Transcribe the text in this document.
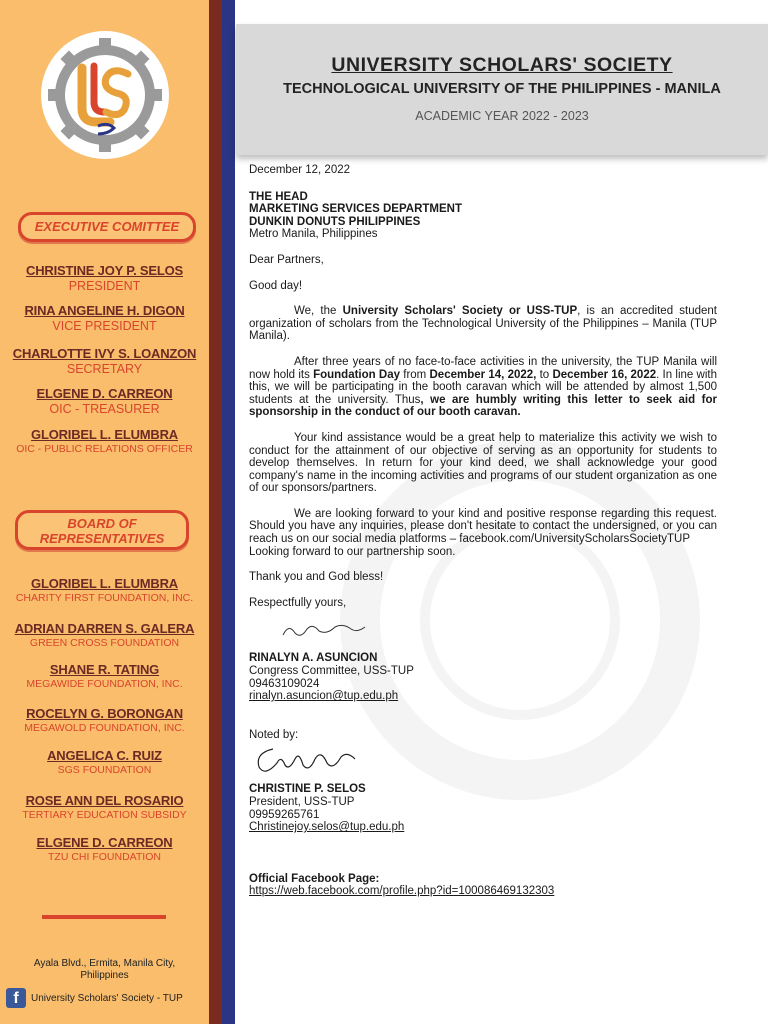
EXECUTIVE COMITTEE
CHRISTINE JOY P. SELOS
PRESIDENT
RINA ANGELINE H. DIGON
VICE PRESIDENT
CHARLOTTE IVY S. LOANZON
SECRETARY
ELGENE D. CARREON
OIC - TREASURER
GLORIBEL L. ELUMBRA
OIC - PUBLIC RELATIONS OFFICER
BOARD OF
REPRESENTATIVES
GLORIBEL L. ELUMBRA
CHARITY FIRST FOUNDATION, INC.
ADRIAN DARREN S. GALERA
GREEN CROSS FOUNDATION
SHANE R. TATING
MEGAWIDE FOUNDATION, INC.
ROCELYN G. BORONGAN
MEGAWOLD FOUNDATION, INC.
ANGELICA C. RUIZ
SGS FOUNDATION
ROSE ANN DEL ROSARIO
TERTIARY EDUCATION SUBSIDY
ELGENE D. CARREON
TZU CHI FOUNDATION
Ayala Blvd., Ermita, Manila City,
Philippines
f	University Scholars' Society - TUP
UNIVERSITY SCHOLARS' SOCIETY
TECHNOLOGICAL UNIVERSITY OF THE PHILIPPINES - MANILA
ACADEMIC YEAR 2022 - 2023

December 12, 2022

THE HEAD

MARKETING SERVICES DEPARTMENT

DUNKIN DONUTS PHILIPPINES

Metro Manila, Philippines

Dear Partners,

Good day!

We, the University Scholars' Society or USS-TUP, is an accredited student organization of scholars from the Technological University of the Philippines – Manila (TUP Manila).

After three years of no face-to-face activities in the university, the TUP Manila will now hold its Foundation Day from December 14, 2022, to December 16, 2022. In line with this, we will be participating in the booth caravan which will be attended by almost 1,500 students at the university. Thus, we are humbly writing this letter to seek aid for sponsorship in the conduct of our booth caravan.

Your kind assistance would be a great help to materialize this activity we wish to conduct for the attainment of our objective of serving as an opportunity for students to develop themselves. In return for your kind deed, we shall acknowledge your good company's name in the incoming activities and programs of our student organization as one of our sponsors/partners.

We are looking forward to your kind and positive response regarding this request. Should you have any inquiries, please don't hesitate to contact the undersigned, or you can reach us on our social media platforms – facebook.com/UniversityScholarsSocietyTUP

Looking forward to our partnership soon.

Thank you and God bless!

Respectfully yours,

RINALYN A. ASUNCION

Congress Committee, USS-TUP

09463109024

rinalyn.asuncion@tup.edu.ph

Noted by:

CHRISTINE P. SELOS

President, USS-TUP

09959265761

Christinejoy.selos@tup.edu.ph

Official Facebook Page:

https://web.facebook.com/profile.php?id=100086469132303
